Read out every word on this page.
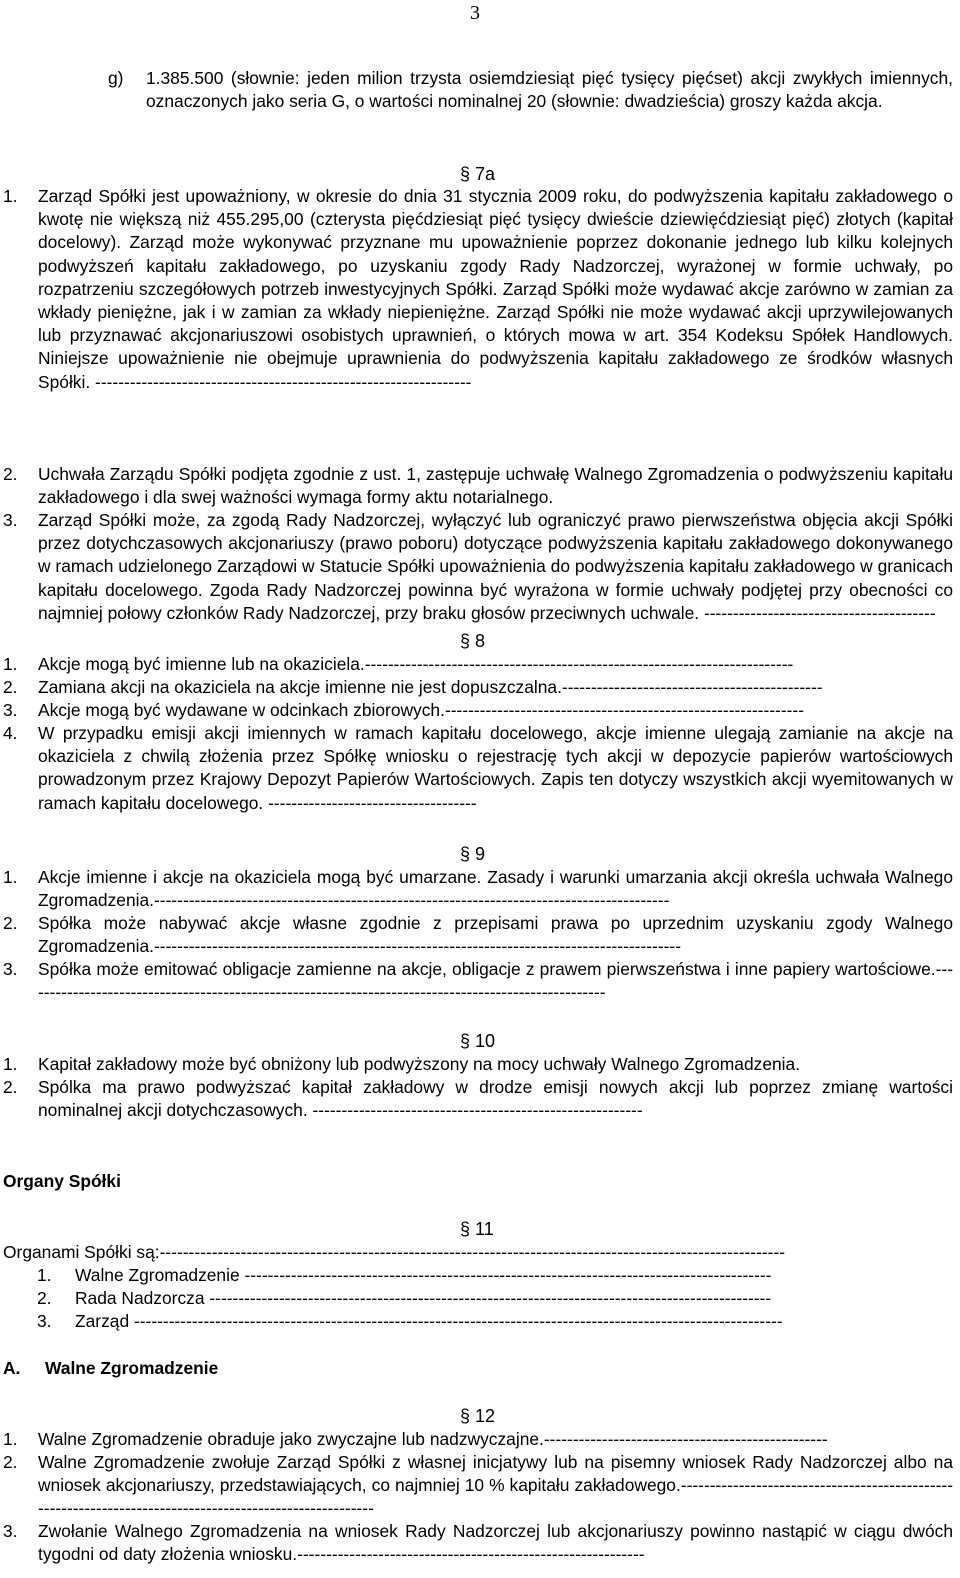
3
g) 1.385.500 (słownie: jeden milion trzysta osiemdziesiąt pięć tysięcy pięćset) akcji zwykłych imiennych, oznaczonych jako seria G, o wartości nominalnej 20 (słownie: dwadzieścia) groszy każda akcja.
§ 7a
1. Zarząd Spółki jest upoważniony, w okresie do dnia 31 stycznia 2009 roku, do podwyższenia kapitału zakładowego o kwotę nie większą niż 455.295,00 (czterysta pięćdziesiąt pięć tysięcy dwieście dziewięćdziesiąt pięć) złotych (kapitał docelowy). Zarząd może wykonywać przyznane mu upoważnienie poprzez dokonanie jednego lub kilku kolejnych podwyższeń kapitału zakładowego, po uzyskaniu zgody Rady Nadzorczej, wyrażonej w formie uchwały, po rozpatrzeniu szczegółowych potrzeb inwestycyjnych Spółki. Zarząd Spółki może wydawać akcje zarówno w zamian za wkłady pieniężne, jak i w zamian za wkłady niepieniężne. Zarząd Spółki nie może wydawać akcji uprzywilejowanych lub przyznawać akcjonariuszowi osobistych uprawnień, o których mowa w art. 354 Kodeksu Spółek Handlowych. Niniejsze upoważnienie nie obejmuje uprawnienia do podwyższenia kapitału zakładowego ze środków własnych Spółki. -----------------------------------------------------------------
2. Uchwała Zarządu Spółki podjęta zgodnie z ust. 1, zastępuje uchwałę Walnego Zgromadzenia o podwyższeniu kapitału zakładowego i dla swej ważności wymaga formy aktu notarialnego.
3. Zarząd Spółki może, za zgodą Rady Nadzorczej, wyłączyć lub ograniczyć prawo pierwszeństwa objęcia akcji Spółki przez dotychczasowych akcjonariuszy (prawo poboru) dotyczące podwyższenia kapitału zakładowego dokonywanego w ramach udzielonego Zarządowi w Statucie Spółki upoważnienia do podwyższenia kapitału zakładowego w granicach kapitału docelowego. Zgoda Rady Nadzorczej powinna być wyrażona w formie uchwały podjętej przy obecności co najmniej połowy członków Rady Nadzorczej, przy braku głosów przeciwnych uchwale. ----------------------------------------
§ 8
1. Akcje mogą być imienne lub na okaziciela.--------------------------------------------------------------------------
2. Zamiana akcji na okaziciela na akcje imienne nie jest dopuszczalna.---------------------------------------------
3. Akcje mogą być wydawane w odcinkach zbiorowych.--------------------------------------------------------------
4. W przypadku emisji akcji imiennych w ramach kapitału docelowego, akcje imienne ulegają zamianie na akcje na okaziciela z chwilą złożenia przez Spółkę wniosku o rejestrację tych akcji w depozycie papierów wartościowych prowadzonym przez Krajowy Depozyt Papierów Wartościowych. Zapis ten dotyczy wszystkich akcji wyemitowanych w ramach kapitału docelowego. ------------------------------------
§ 9
1. Akcje imienne i akcje na okaziciela mogą być umarzane. Zasady i warunki umarzania akcji określa uchwała Walnego Zgromadzenia.-----------------------------------------------------------------------------------------
2. Spółka może nabywać akcje własne zgodnie z przepisami prawa po uprzednim uzyskaniu zgody Walnego Zgromadzenia.-------------------------------------------------------------------------------------------
3. Spółka może emitować obligacje zamienne na akcje, obligacje z prawem pierwszeństwa i inne papiery wartościowe.-----------------------------------------------------------------------------------------------------
§ 10
1. Kapitał zakładowy może być obniżony lub podwyższony na mocy uchwały Walnego Zgromadzenia.
2. Spólka ma prawo podwyższać kapitał zakładowy w drodze emisji nowych akcji lub poprzez zmianę wartości nominalnej akcji dotychczasowych. ---------------------------------------------------------
Organy Spółki
§ 11
Organami Spółki są:------------------------------------------------------------------------------------------------------------
1. Walne Zgromadzenie -------------------------------------------------------------------------------------------
2. Rada Nadzorcza -------------------------------------------------------------------------------------------------
3. Zarząd ----------------------------------------------------------------------------------------------------------------
A. Walne Zgromadzenie
§ 12
1. Walne Zgromadzenie obraduje jako zwyczajne lub nadzwyczajne.-------------------------------------------------
2. Walne Zgromadzenie zwołuje Zarząd Spółki z własnej inicjatywy lub na pisemny wniosek Rady Nadzorczej albo na wniosek akcjonariuszy, przedstawiających, co najmniej 10 % kapitału zakładowego.---------------------------------------------------------------------------------------------------------
3. Zwołanie Walnego Zgromadzenia na wniosek Rady Nadzorczej lub akcjonariuszy powinno nastąpić w ciągu dwóch tygodni od daty złożenia wniosku.------------------------------------------------------------
